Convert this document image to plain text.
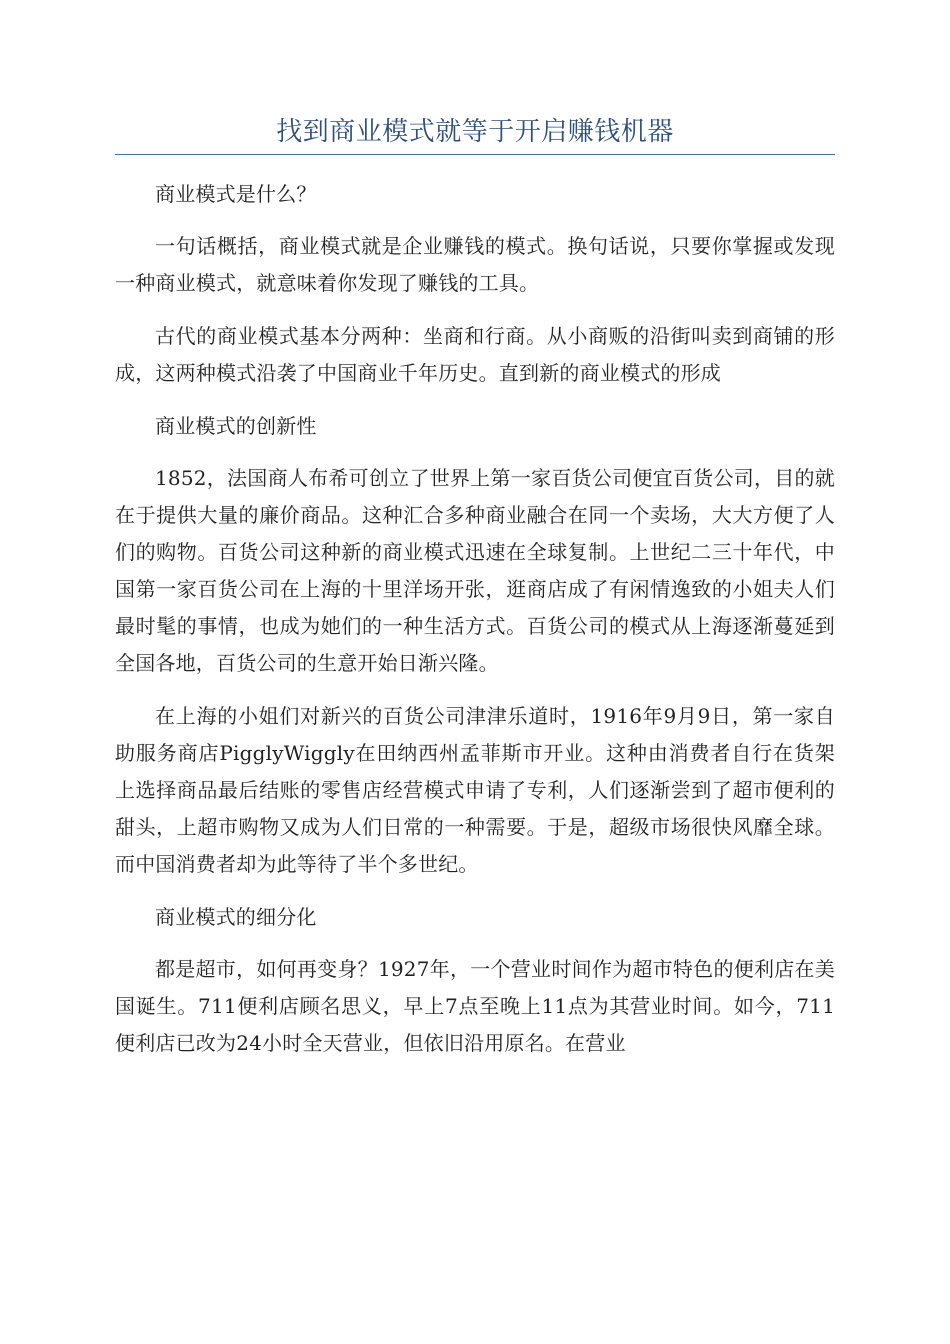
找到商业模式就等于开启赚钱机器

商业模式是什么？

一句话概括，商业模式就是企业赚钱的模式。换句话说，只要你掌握或发现一种商业模式，就意味着你发现了赚钱的工具。

古代的商业模式基本分两种：坐商和行商。从小商贩的沿街叫卖到商铺的形成，这两种模式沿袭了中国商业千年历史。直到新的商业模式的形成

商业模式的创新性

1852，法国商人布希可创立了世界上第一家百货公司便宜百货公司，目的就在于提供大量的廉价商品。这种汇合多种商业融合在同一个卖场，大大方便了人们的购物。百货公司这种新的商业模式迅速在全球复制。上世纪二三十年代，中国第一家百货公司在上海的十里洋场开张，逛商店成了有闲情逸致的小姐夫人们最时髦的事情，也成为她们的一种生活方式。百货公司的模式从上海逐渐蔓延到全国各地，百货公司的生意开始日渐兴隆。

在上海的小姐们对新兴的百货公司津津乐道时，1916年9月9日，第一家自助服务商店PigglyWiggly在田纳西州孟菲斯市开业。这种由消费者自行在货架上选择商品最后结账的零售店经营模式申请了专利，人们逐渐尝到了超市便利的甜头，上超市购物又成为人们日常的一种需要。于是，超级市场很快风靡全球。而中国消费者却为此等待了半个多世纪。

商业模式的细分化

都是超市，如何再变身？1927年，一个营业时间作为超市特色的便利店在美国诞生。711便利店顾名思义，早上7点至晚上11点为其营业时间。如今，711便利店已改为24小时全天营业，但依旧沿用原名。在营业
